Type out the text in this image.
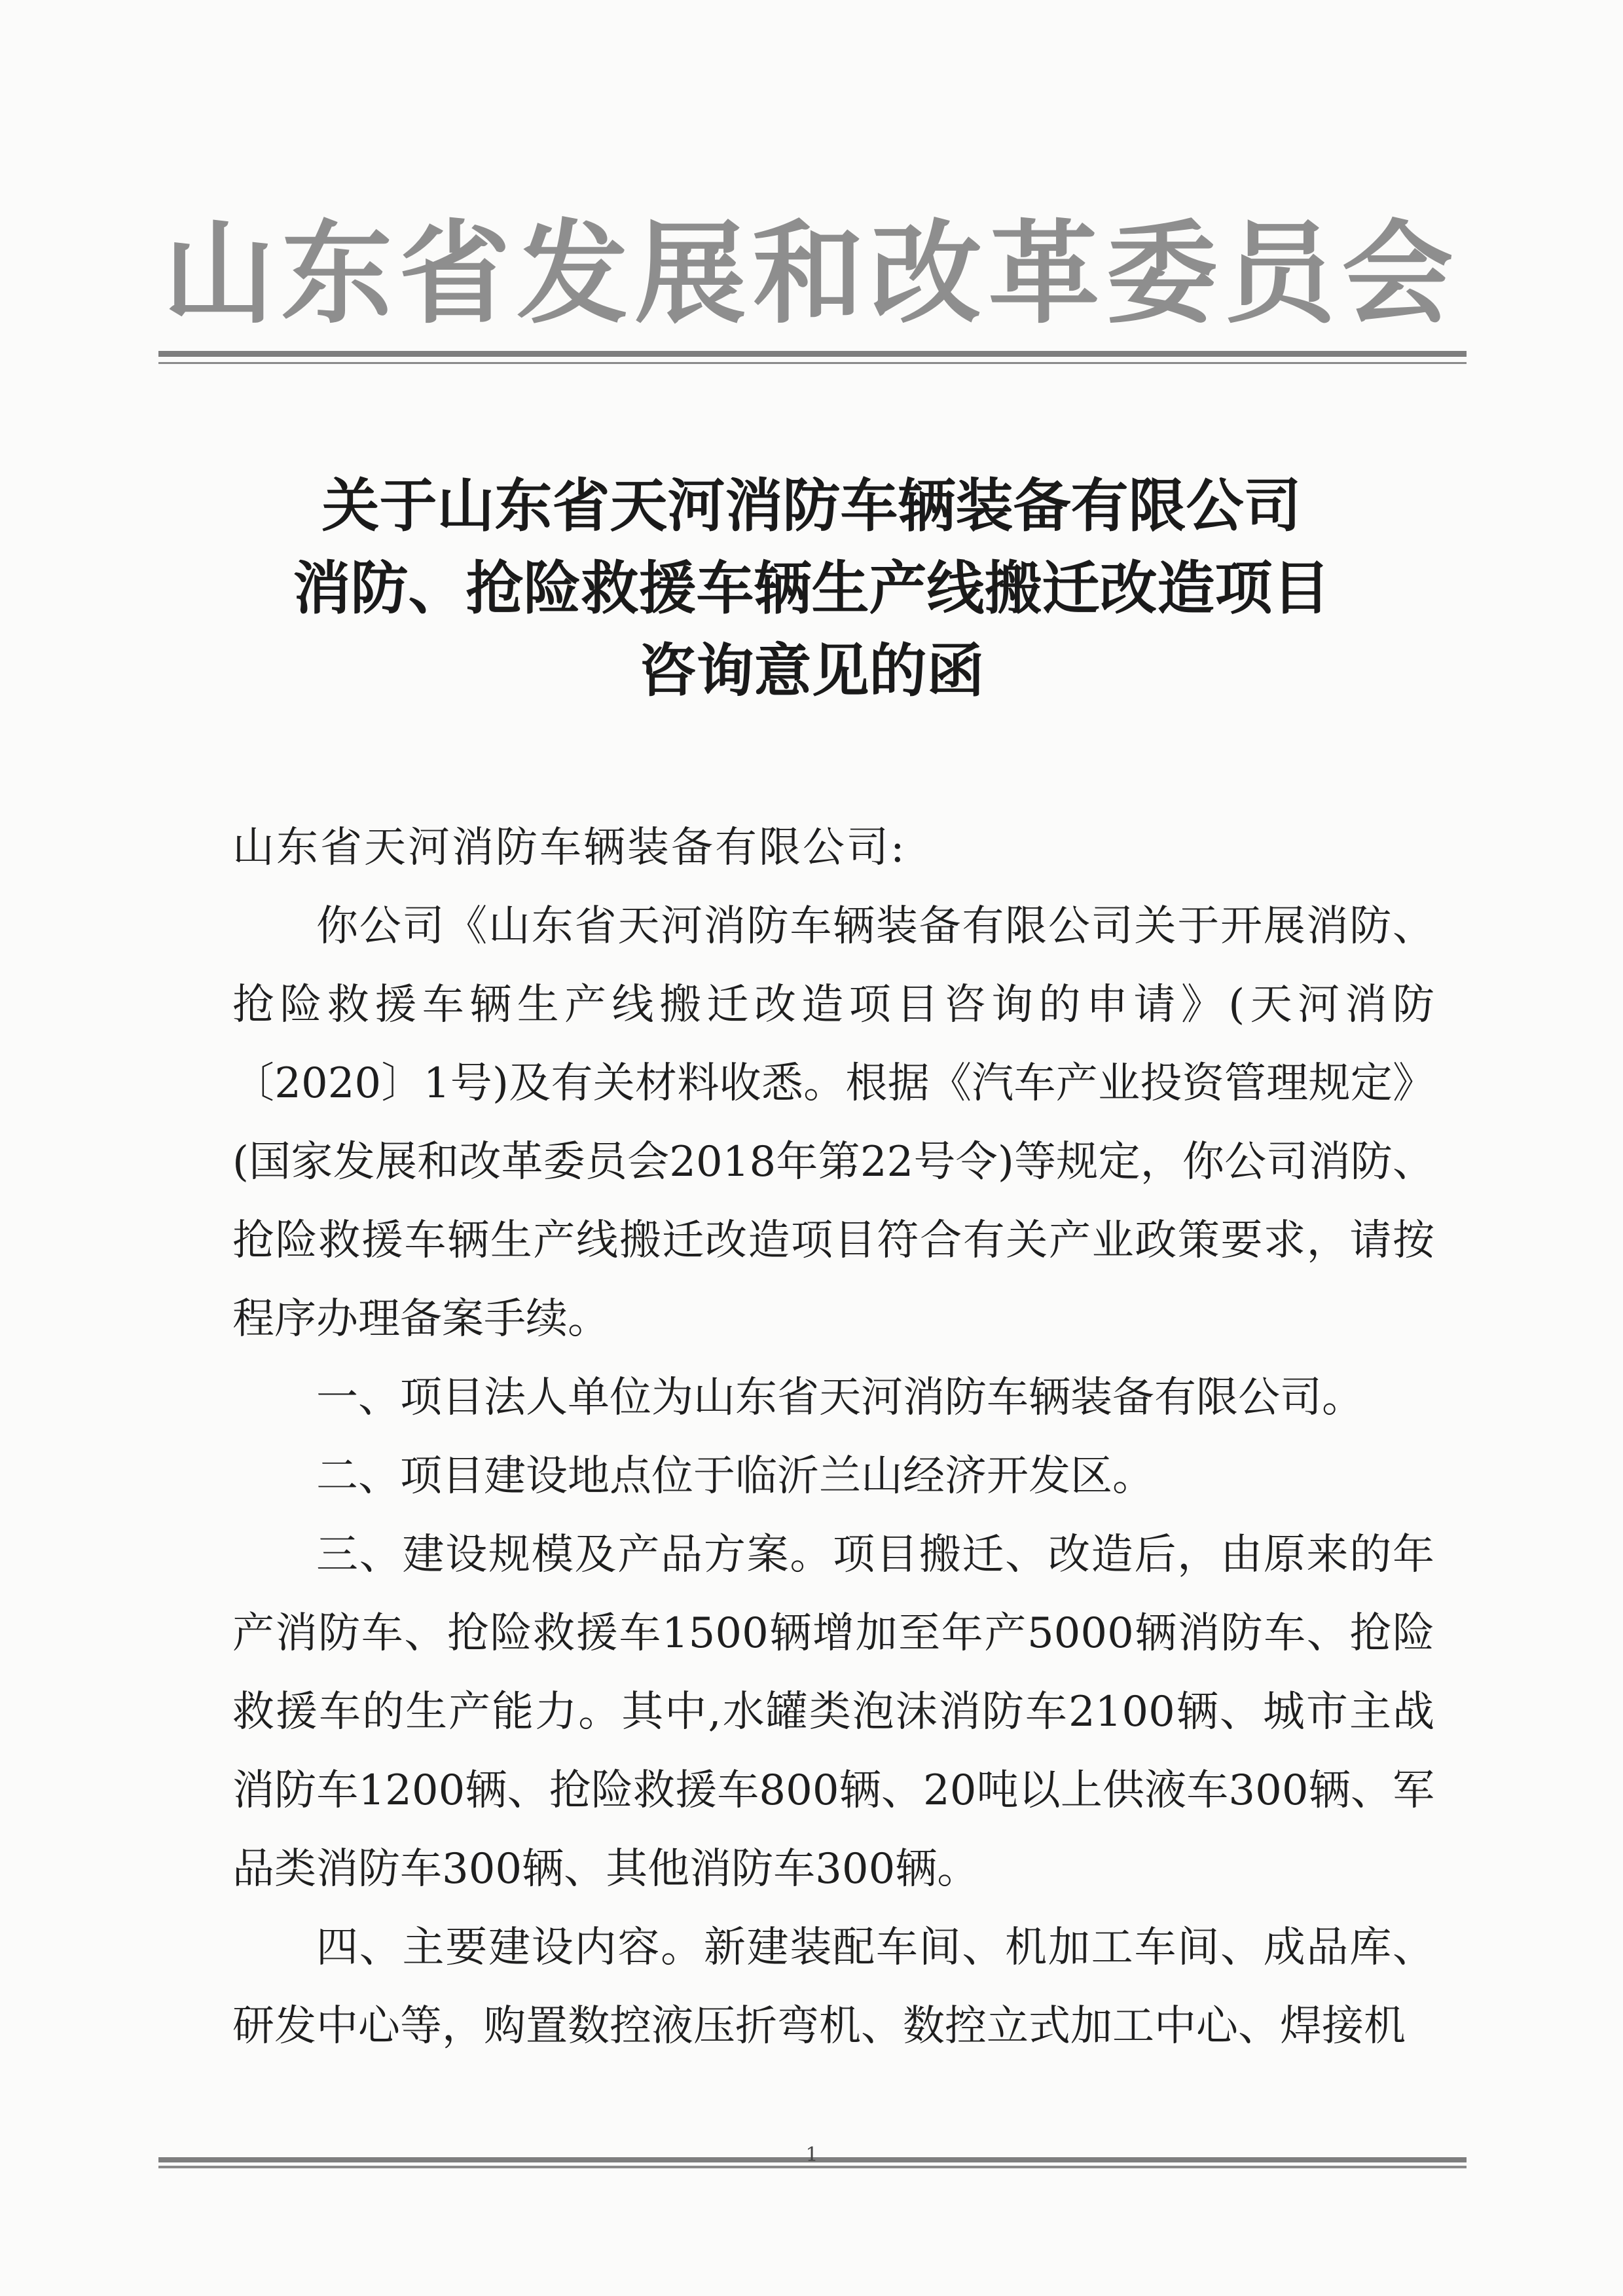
山东省发展和改革委员会
关于山东省天河消防车辆装备有限公司
消防、抢险救援车辆生产线搬迁改造项目
咨询意见的函
山东省天河消防车辆装备有限公司:

你公司《山东省天河消防车辆装备有限公司关于开展消防、抢险救援车辆生产线搬迁改造项目咨询的申请》(天河消防〔2020〕1号)及有关材料收悉。根据《汽车产业投资管理规定》(国家发展和改革委员会2018年第22号令)等规定，你公司消防、抢险救援车辆生产线搬迁改造项目符合有关产业政策要求，请按程序办理备案手续。

一、项目法人单位为山东省天河消防车辆装备有限公司。

二、项目建设地点位于临沂兰山经济开发区。

三、建设规模及产品方案。项目搬迁、改造后，由原来的年产消防车、抢险救援车1500辆增加至年产5000辆消防车、抢险救援车的生产能力。其中,水罐类泡沫消防车2100辆、城市主战消防车1200辆、抢险救援车800辆、20吨以上供液车300辆、军品类消防车300辆、其他消防车300辆。

四、主要建设内容。新建装配车间、机加工车间、成品库、研发中心等，购置数控液压折弯机、数控立式加工中心、焊接机

1
